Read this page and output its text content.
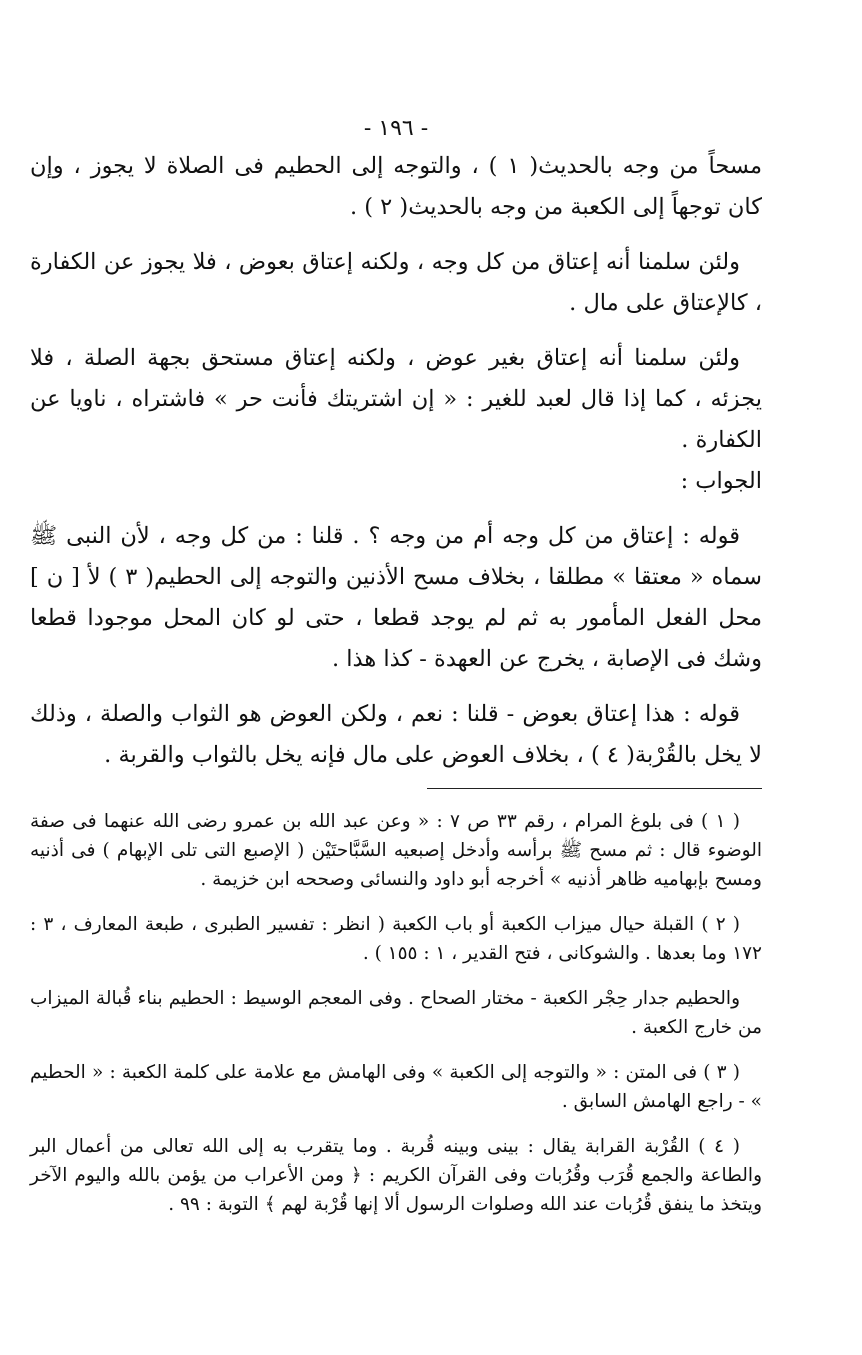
- ١٩٦ -

مسحاً من وجه بالحديث( ١ ) ، والتوجه إلى الحطيم فى الصلاة لا يجوز ، وإن كان توجهاً إلى الكعبة من وجه بالحديث( ٢ ) .

ولئن سلمنا أنه إعتاق من كل وجه ، ولكنه إعتاق بعوض ، فلا يجوز عن الكفارة ، كالإعتاق على مال .

ولئن سلمنا أنه إعتاق بغير عوض ، ولكنه إعتاق مستحق بجهة الصلة ، فلا يجزئه ، كما إذا قال لعبد للغير : « إن اشتريتك فأنت حر » فاشتراه ، ناويا عن الكفارة .

الجواب :

قوله : إعتاق من كل وجه أم من وجه ؟ . قلنا : من كل وجه ، لأن النبى ﷺ سماه « معتقا » مطلقا ، بخلاف مسح الأذنين والتوجه إلى الحطيم( ٣ ) لأ [ ن ] محل الفعل المأمور به ثم لم يوجد قطعا ، حتى لو كان المحل موجودا قطعا وشك فى الإصابة ، يخرج عن العهدة - كذا هذا .

قوله : هذا إعتاق بعوض - قلنا : نعم ، ولكن العوض هو الثواب والصلة ، وذلك لا يخل بالقُرْبة( ٤ ) ، بخلاف العوض على مال فإنه يخل بالثواب والقربة .

( ١ ) فى بلوغ المرام ، رقم ٣٣ ص ٧ : « وعن عبد الله بن عمرو رضى الله عنهما فى صفة الوضوء قال : ثم مسح ﷺ برأسه وأدخل إصبعيه السَّبَّاحتَيْن ( الإصبع التى تلى الإبهام ) فى أذنيه ومسح بإبهاميه ظاهر أذنيه » أخرجه أبو داود والنسائى وصححه ابن خزيمة .

( ٢ ) القبلة حيال ميزاب الكعبة أو باب الكعبة ( انظر : تفسير الطبرى ، طبعة المعارف ، ٣ : ١٧٢ وما بعدها . والشوكانى ، فتح القدير ، ١ : ١٥٥ ) .

والحطيم جدار حِجْر الكعبة - مختار الصحاح . وفى المعجم الوسيط : الحطيم بناء قُبالة الميزاب من خارج الكعبة .

( ٣ ) فى المتن : « والتوجه إلى الكعبة » وفى الهامش مع علامة على كلمة الكعبة : « الحطيم » - راجع الهامش السابق .

( ٤ ) القُرْبة القرابة يقال : بينى وبينه قُربة . وما يتقرب به إلى الله تعالى من أعمال البر والطاعة والجمع قُرَب وقُرُبات وفى القرآن الكريم : ﴿ ومن الأعراب من يؤمن بالله واليوم الآخر ويتخذ ما ينفق قُرُبات عند الله وصلوات الرسول ألا إنها قُرْبة لهم ﴾ التوبة : ٩٩ .
